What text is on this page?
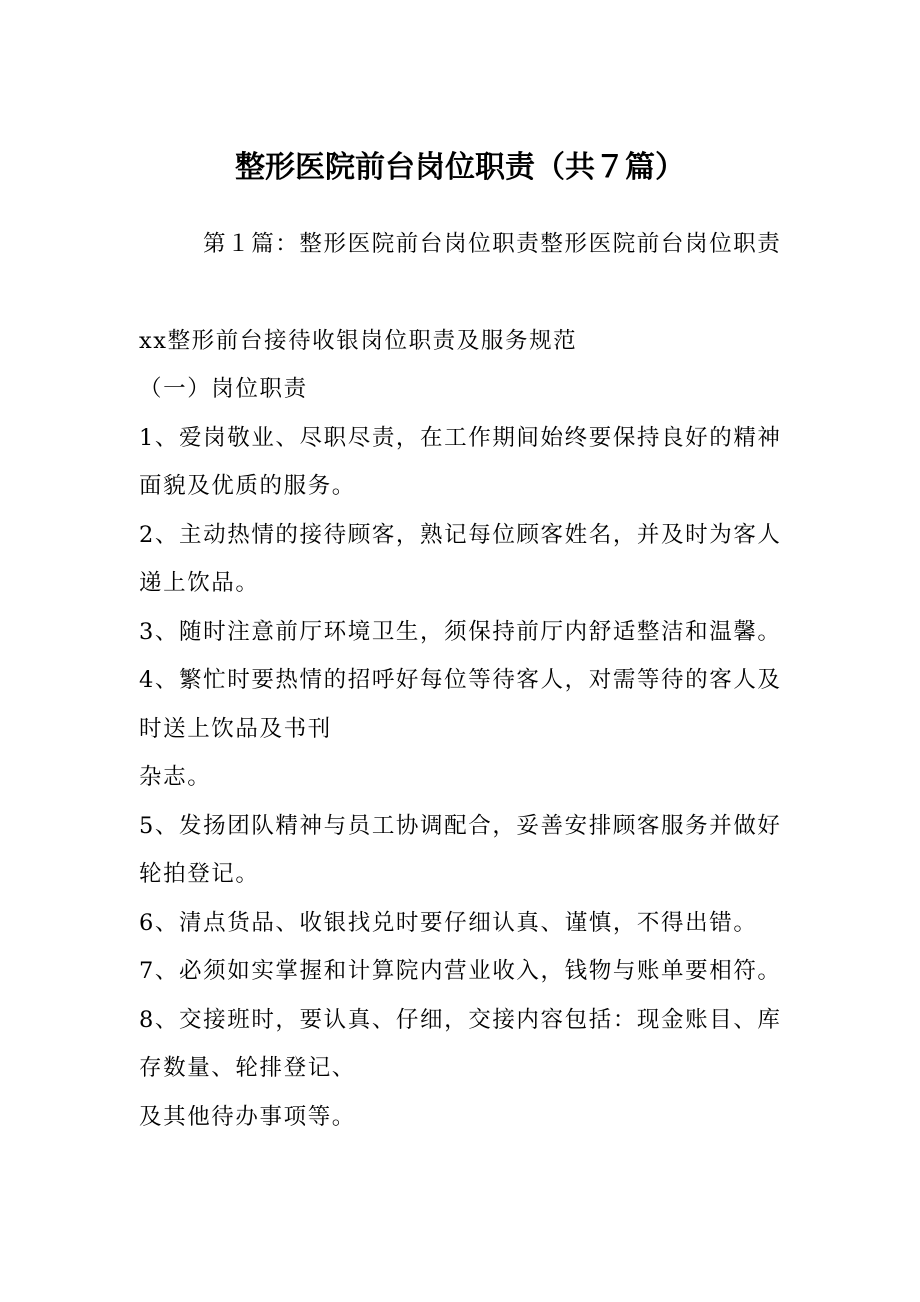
整形医院前台岗位职责（共７篇）

第１篇：整形医院前台岗位职责整形医院前台岗位职责

xx整形前台接待收银岗位职责及服务规范

（一）岗位职责

1、爱岗敬业、尽职尽责，在工作期间始终要保持良好的精神面貌及优质的服务。

2、主动热情的接待顾客，熟记每位顾客姓名，并及时为客人递上饮品。

3、随时注意前厅环境卫生，须保持前厅内舒适整洁和温馨。

4、繁忙时要热情的招呼好每位等待客人，对需等待的客人及时送上饮品及书刊

杂志。

5、发扬团队精神与员工协调配合，妥善安排顾客服务并做好轮拍登记。

6、清点货品、收银找兑时要仔细认真、谨慎，不得出错。

7、必须如实掌握和计算院内营业收入，钱物与账单要相符。

8、交接班时，要认真、仔细，交接内容包括：现金账目、库存数量、轮排登记、

及其他待办事项等。
